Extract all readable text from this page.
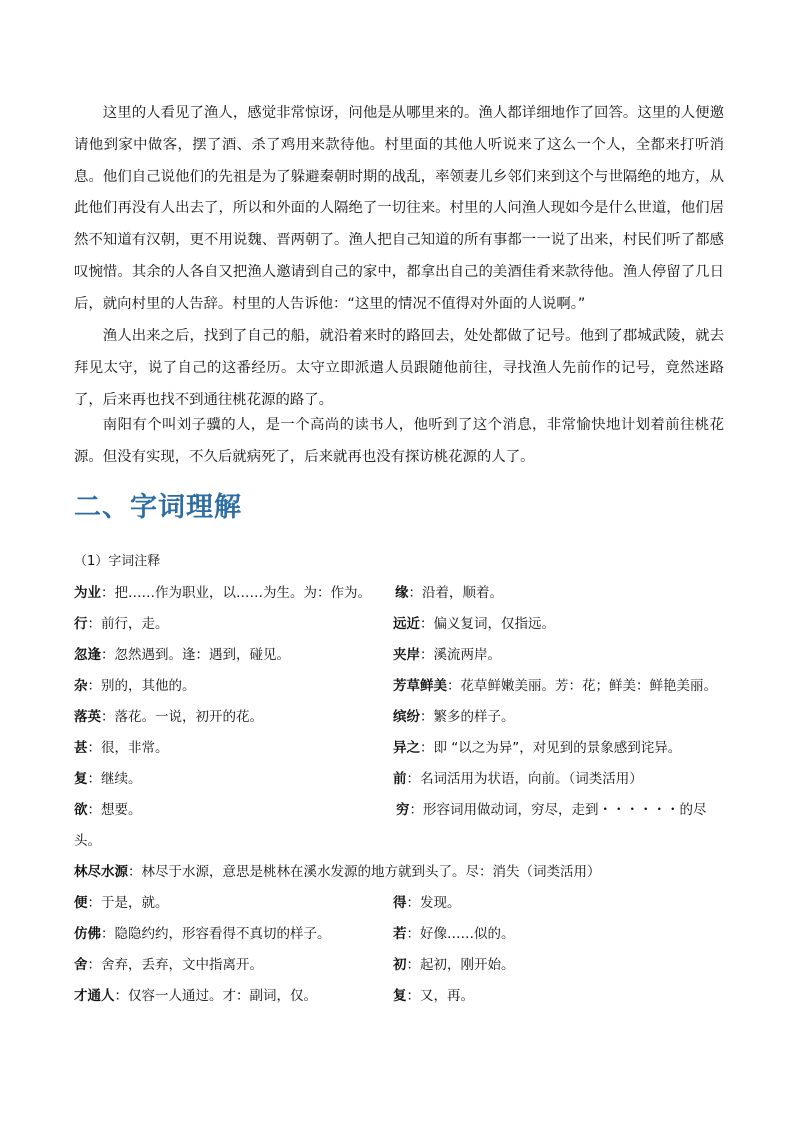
这里的人看见了渔人，感觉非常惊讶，问他是从哪里来的。渔人都详细地作了回答。这里的人便邀请他到家中做客，摆了酒、杀了鸡用来款待他。村里面的其他人听说来了这么一个人，全都来打听消息。他们自己说他们的先祖是为了躲避秦朝时期的战乱，率领妻儿乡邻们来到这个与世隔绝的地方，从此他们再没有人出去了，所以和外面的人隔绝了一切往来。村里的人问渔人现如今是什么世道，他们居然不知道有汉朝，更不用说魏、晋两朝了。渔人把自己知道的所有事都一一说了出来，村民们听了都感叹惋惜。其余的人各自又把渔人邀请到自己的家中，都拿出自己的美酒佳肴来款待他。渔人停留了几日后，就向村里的人告辞。村里的人告诉他：“这里的情况不值得对外面的人说啊。”

渔人出来之后，找到了自己的船，就沿着来时的路回去，处处都做了记号。他到了郡城武陵，就去拜见太守，说了自己的这番经历。太守立即派遣人员跟随他前往，寻找渔人先前作的记号，竟然迷路了，后来再也找不到通往桃花源的路了。

南阳有个叫刘子骥的人，是一个高尚的读书人，他听到了这个消息，非常愉快地计划着前往桃花源。但没有实现，不久后就病死了，后来就再也没有探访桃花源的人了。

二、字词理解
（1）字词注释
为业：把……作为职业，以……为生。为：作为。 缘：沿着，顺着。
行：前行，走。	远近：偏义复词，仅指远。
忽逢：忽然遇到。逢：遇到，碰见。	夹岸：溪流两岸。
杂：别的，其他的。	芳草鲜美：花草鲜嫩美丽。芳：花；鲜美：鲜艳美丽。
落英：落花。一说，初开的花。	缤纷：繁多的样子。
甚：很，非常。	异之：即 “以之为异”，对见到的景象感到诧异。
复：继续。	前：名词活用为状语，向前。（词类活用）
欲：想要。	穷：形容词用做动词，穷尽，走到・・・・・・的尽
头。
林尽水源：林尽于水源，意思是桃林在溪水发源的地方就到头了。尽：消失（词类活用）
便：于是，就。	得：发现。
仿佛：隐隐约约，形容看得不真切的样子。	若：好像……似的。
舍：舍弃，丢弃，文中指离开。	初：起初，刚开始。
才通人：仅容一人通过。才：副词，仅。	复：又，再。
